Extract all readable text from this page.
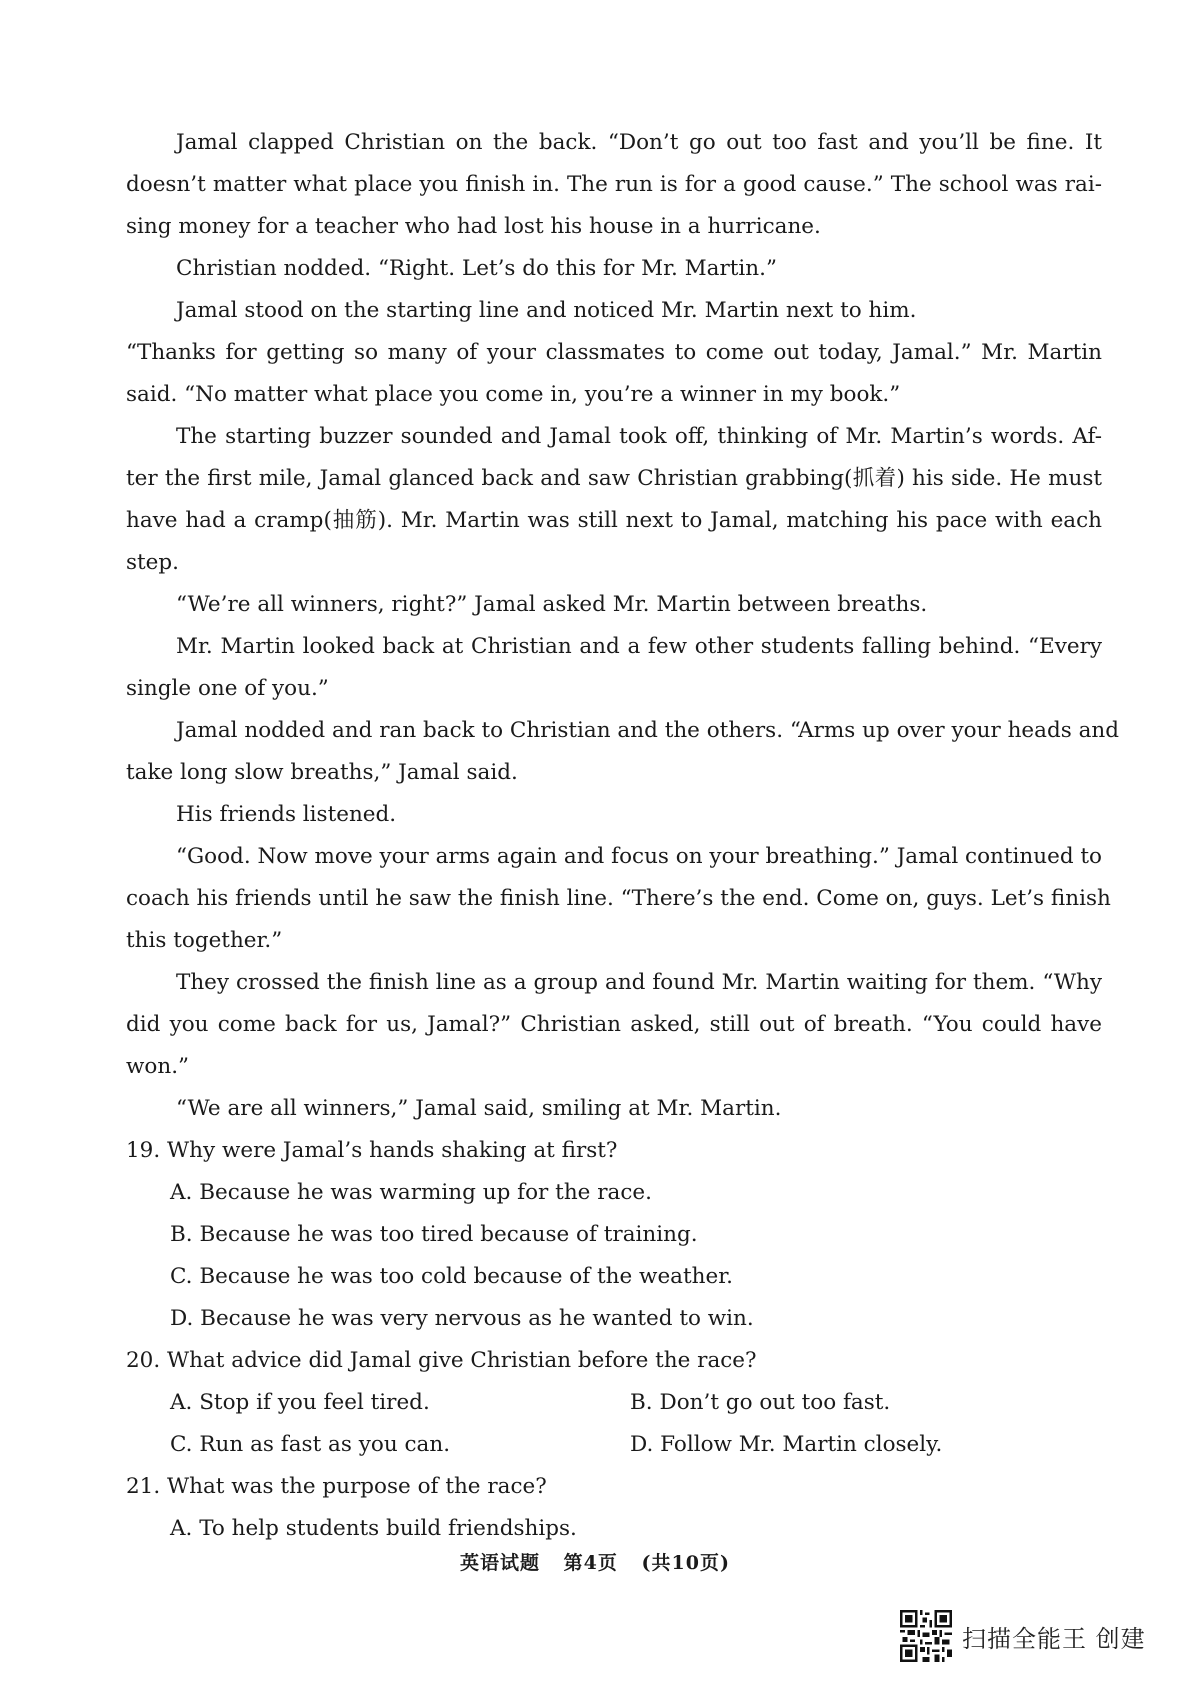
Jamal clapped Christian on the back. “Don’t go out too fast and you’ll be fine. It
doesn’t matter what place you finish in. The run is for a good cause.” The school was rai-
sing money for a teacher who had lost his house in a hurricane.
Christian nodded. “Right. Let’s do this for Mr. Martin.”
Jamal stood on the starting line and noticed Mr. Martin next to him.
“Thanks for getting so many of your classmates to come out today, Jamal.” Mr. Martin
said. “No matter what place you come in, you’re a winner in my book.”
The starting buzzer sounded and Jamal took off, thinking of Mr. Martin’s words. Af-
ter the first mile, Jamal glanced back and saw Christian grabbing(抓着) his side. He must
have had a cramp(抽筋). Mr. Martin was still next to Jamal, matching his pace with each
step.
“We’re all winners, right?” Jamal asked Mr. Martin between breaths.
Mr. Martin looked back at Christian and a few other students falling behind. “Every
single one of you.”
Jamal nodded and ran back to Christian and the others. “Arms up over your heads and
take long slow breaths,” Jamal said.
His friends listened.
“Good. Now move your arms again and focus on your breathing.” Jamal continued to
coach his friends until he saw the finish line. “There’s the end. Come on, guys. Let’s finish
this together.”
They crossed the finish line as a group and found Mr. Martin waiting for them. “Why
did you come back for us, Jamal?” Christian asked, still out of breath. “You could have
won.”
“We are all winners,” Jamal said, smiling at Mr. Martin.
19. Why were Jamal’s hands shaking at first?
A. Because he was warming up for the race.
B. Because he was too tired because of training.
C. Because he was too cold because of the weather.
D. Because he was very nervous as he wanted to win.
20. What advice did Jamal give Christian before the race?
A. Stop if you feel tired.	B. Don’t go out too fast.
C. Run as fast as you can.	D. Follow Mr. Martin closely.
21. What was the purpose of the race?
A. To help students build friendships.
英语试题 第4页 (共10页)
扫描全能王 创建
